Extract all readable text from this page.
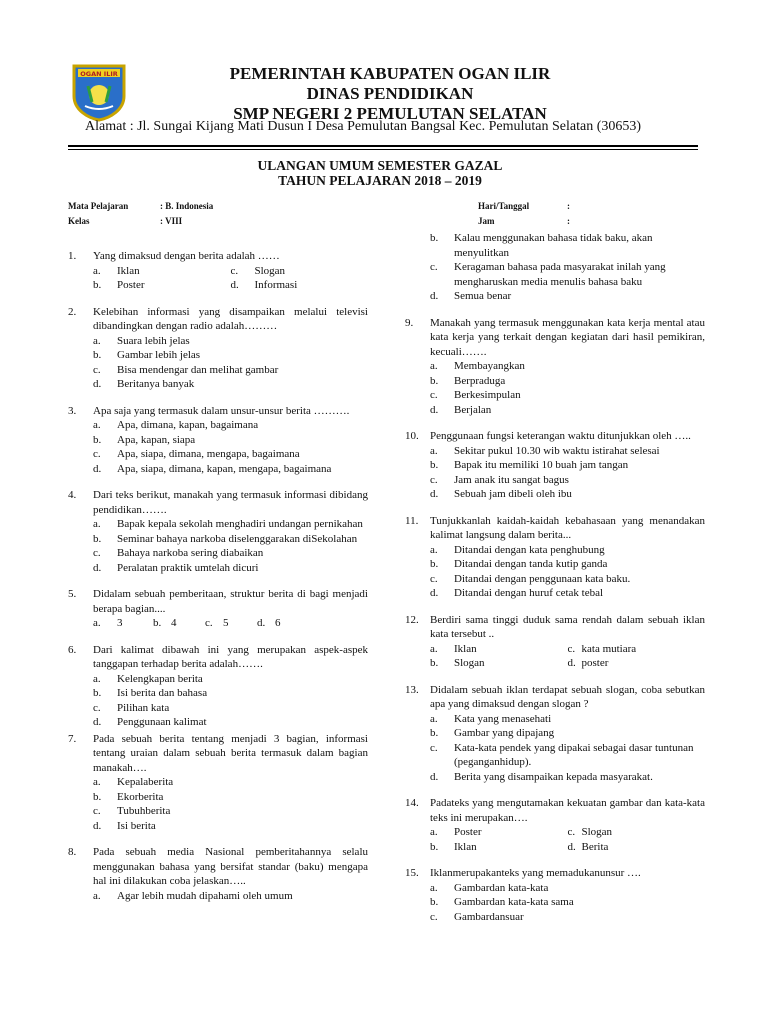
OGAN ILIR	PEMERINTAH KABUPATEN OGAN ILIR
DINAS PENDIDIKAN
SMP NEGERI 2 PEMULUTAN SELATAN
Alamat : Jl. Sungai Kijang Mati Dusun I Desa Pemulutan Bangsal Kec. Pemulutan Selatan (30653)
ULANGAN UMUM SEMESTER GAZAL
TAHUN PELAJARAN 2018 – 2019
Mata Pelajaran	: B. Indonesia
Kelas	: VIII
Hari/Tanggal	:
Jam	:
1.	Yang dimaksud dengan berita adalah ……
a.	Iklan	c.	Slogan
b.	Poster	d.	Informasi
2.	Kelebihan informasi yang disampaikan melalui televisi dibandingkan dengan radio adalah………
a.	Suara lebih jelas
b.	Gambar lebih jelas
c.	Bisa mendengar dan melihat gambar
d.	Beritanya banyak
3.	Apa saja yang termasuk dalam unsur-unsur berita ……….
a.	Apa, dimana, kapan, bagaimana
b.	Apa, kapan, siapa
c.	Apa, siapa, dimana, mengapa, bagaimana
d.	Apa, siapa, dimana, kapan, mengapa, bagaimana
4.	Dari teks berikut, manakah yang termasuk informasi dibidang pendidikan…….
a.	Bapak kepala sekolah menghadiri undangan pernikahan
b.	Seminar bahaya narkoba diselenggarakan diSekolahan
c.	Bahaya narkoba sering diabaikan
d.	Peralatan praktik umtelah dicuri
5.	Didalam sebuah pemberitaan, struktur berita di bagi menjadi berapa bagian....
a.	3	b. 4	c. 5	d. 6
6.	Dari kalimat dibawah ini yang merupakan aspek-aspek tanggapan terhadap berita adalah…….
a.	Kelengkapan berita
b.	Isi berita dan bahasa
c.	Pilihan kata
d.	Penggunaan kalimat
7.	Pada sebuah berita tentang menjadi 3 bagian, informasi tentang uraian dalam sebuah berita termasuk dalam bagian manakah….
a.	Kepalaberita
b.	Ekorberita
c.	Tubuhberita
d.	Isi berita
8.	Pada sebuah media Nasional pemberitahannya selalu menggunakan bahasa yang bersifat standar (baku) mengapa hal ini dilakukan coba jelaskan…..
a.	Agar lebih mudah dipahami oleh umum
b.	Kalau menggunakan bahasa tidak baku, akan menyulitkan
c.	Keragaman bahasa pada masyarakat inilah yang mengharuskan media menulis bahasa baku
d.	Semua benar
9.	Manakah yang termasuk menggunakan kata kerja mental atau kata kerja yang terkait dengan kegiatan dari hasil pemikiran, kecuali…….
a.	Membayangkan
b.	Berpraduga
c.	Berkesimpulan
d.	Berjalan
10.	Penggunaan fungsi keterangan waktu ditunjukkan oleh …..
a.	Sekitar pukul 10.30 wib waktu istirahat selesai
b.	Bapak itu memiliki 10 buah jam tangan
c.	Jam anak itu sangat bagus
d.	Sebuah jam dibeli oleh ibu
11.	Tunjukkanlah kaidah-kaidah kebahasaan yang menandakan kalimat langsung dalam berita...
a.	Ditandai dengan kata penghubung
b.	Ditandai dengan tanda kutip ganda
c.	Ditandai dengan penggunaan kata baku.
d.	Ditandai dengan huruf cetak tebal
12.	Berdiri sama tinggi duduk sama rendah dalam sebuah iklan kata tersebut ..
a.	Iklan	c. kata mutiara
b.	Slogan	d. poster
13.	Didalam sebuah iklan terdapat sebuah slogan, coba sebutkan apa yang dimaksud dengan slogan ?
a.	Kata yang menasehati
b.	Gambar yang dipajang
c.	Kata-kata pendek yang dipakai sebagai dasar tuntunan (peganganhidup).
d.	Berita yang disampaikan kepada masyarakat.
14.	Padateks yang mengutamakan kekuatan gambar dan kata-kata teks ini merupakan….
a.	Poster	c. Slogan
b.	Iklan	d. Berita
15.	Iklanmerupakanteks yang memadukanunsur ….
a.	Gambardan kata-kata
b.	Gambardan kata-kata sama
c.	Gambardansuar
